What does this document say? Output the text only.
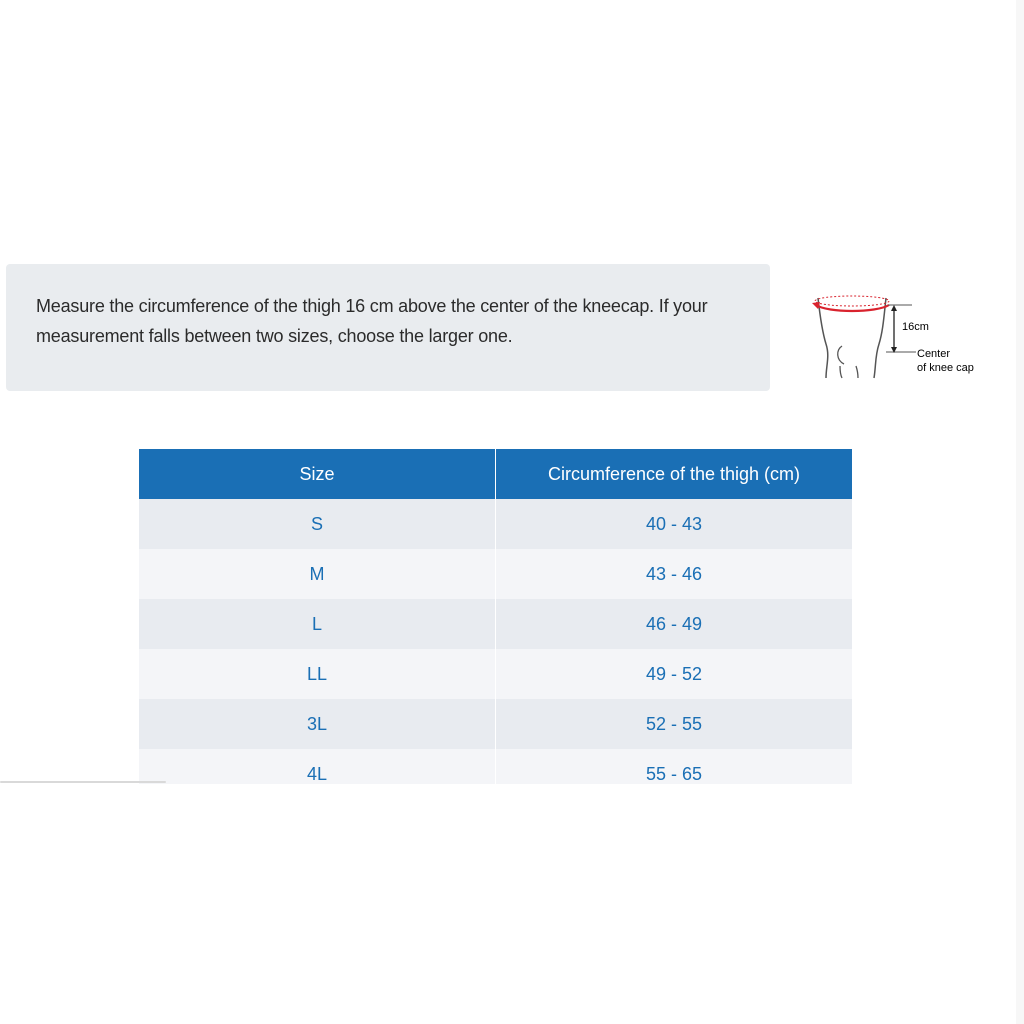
Measure the circumference of the thigh 16 cm above the center of the kneecap. If your measurement falls between two sizes, choose the larger one.	16cm
Center
of knee cap
Size	Circumference of the thigh (cm)
S	40 - 43
M	43 - 46
L	46 - 49
LL	49 - 52
3L	52 - 55
4L	55 - 65
